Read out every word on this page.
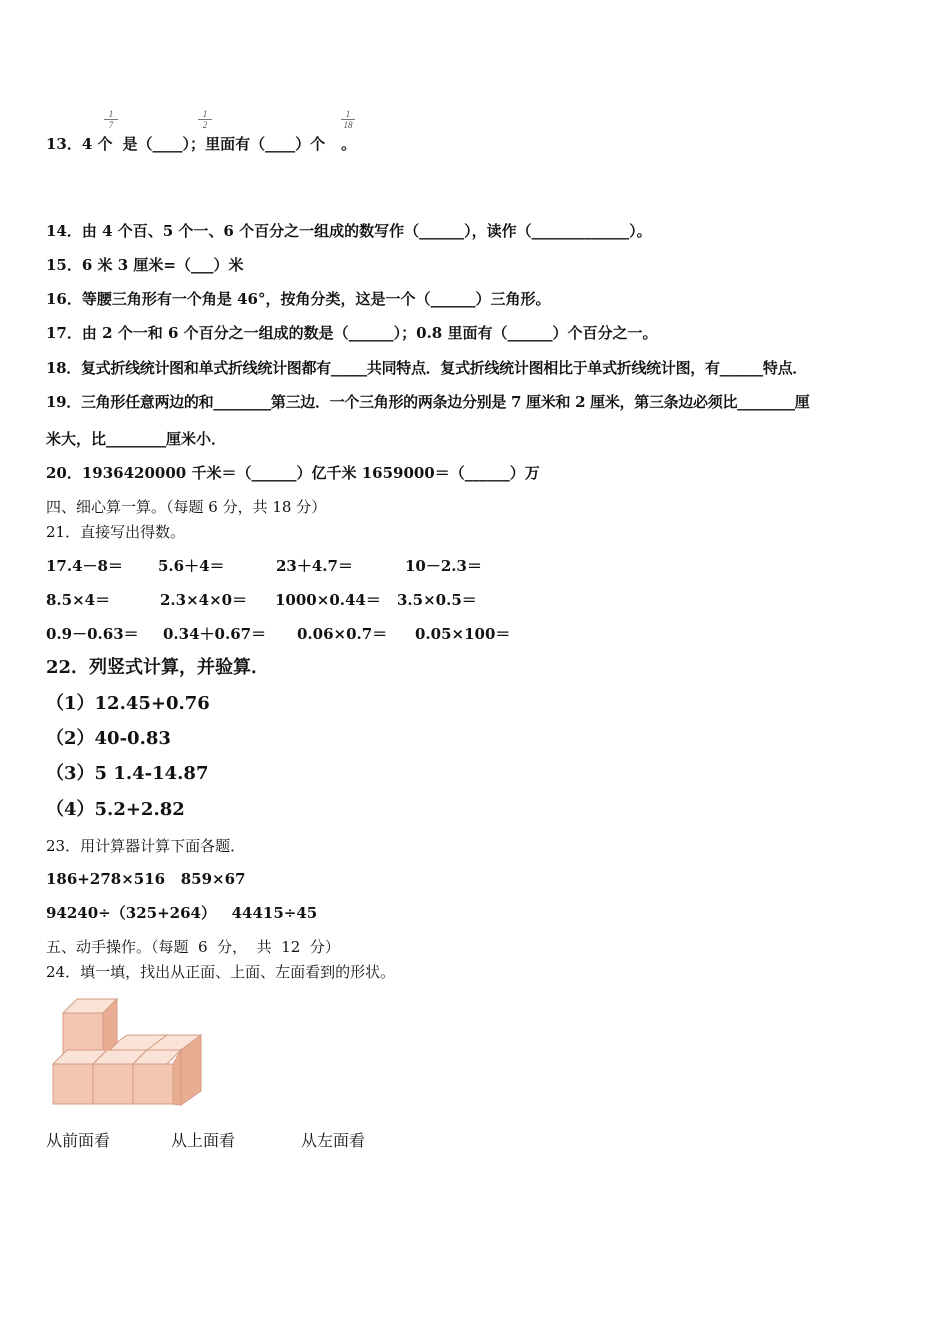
13．4 个 是（____）；里面有（____）个 。
1
7
1
2
1
18
14．由 4 个百、5 个一、6 个百分之一组成的数写作（______），读作（_____________）。
15．6 米 3 厘米=（___）米
16．等腰三角形有一个角是 46°，按角分类，这是一个（______）三角形。
17．由 2 个一和 6 个百分之一组成的数是（______）；0.8 里面有（______）个百分之一。
18．复式折线统计图和单式折线统计图都有_____共同特点．复式折线统计图相比于单式折线统计图，有______特点．
19．三角形任意两边的和________第三边．一个三角形的两条边分别是 7 厘米和 2 厘米，第三条边必须比________厘
米大，比________厘米小．
20．1936420000 千米＝（______）亿千米 1659000＝（______）万
四、细心算一算。（每题 6 分，共 18 分）
21．直接写出得数。
17.4－8＝ 5.6＋4＝	23＋4.7＝	10－2.3＝
8.5×4＝	2.3×4×0＝ 1000×0.44＝ 3.5×0.5＝
0.9－0.63＝ 0.34＋0.67＝ 0.06×0.7＝ 0.05×100＝
22．列竖式计算，并验算．
（1）12.45+0.76
（2）40-0.83
（3）5 1.4-14.87
（4）5.2+2.82
23．用计算器计算下面各题．
186+278×516   859×67
94240÷（325+264）   44415÷45
五、动手操作。（每题  6  分，  共  12  分）
24．填一填，找出从正面、上面、左面看到的形状。
从前面看	从上面看	从左面看
